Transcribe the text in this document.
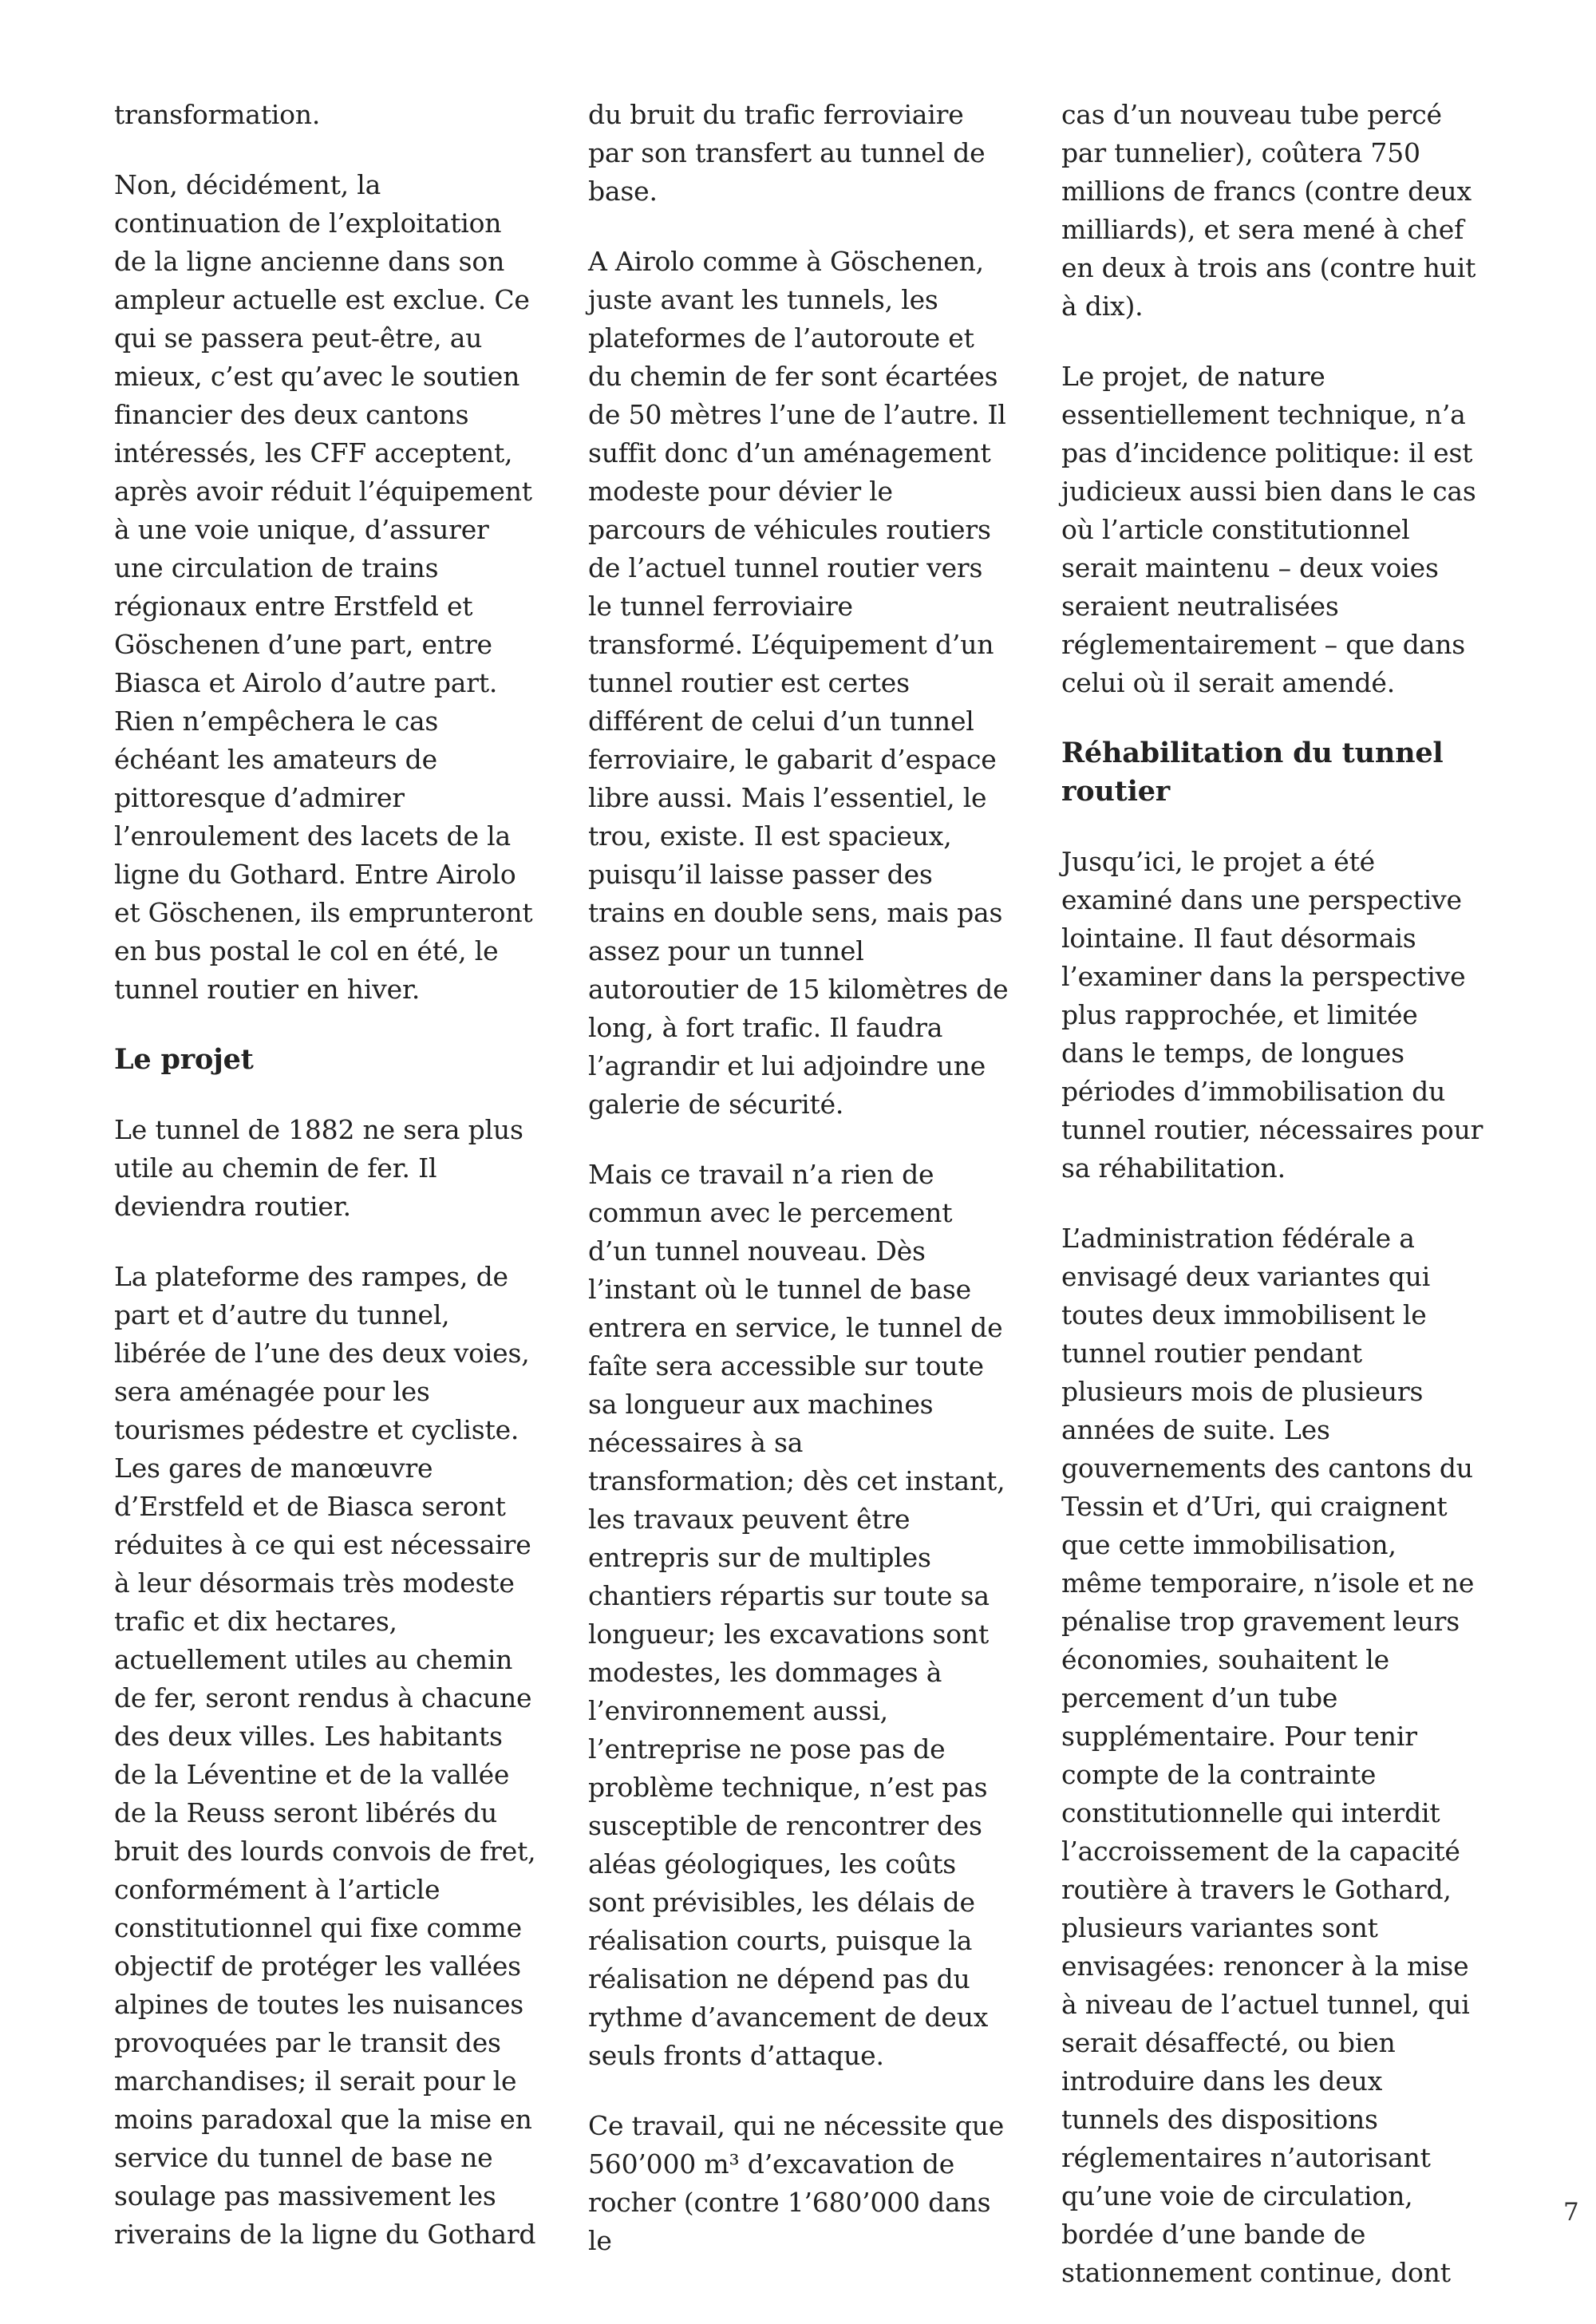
transformation.

Non, décidément, la continuation de l’exploitation de la ligne ancienne dans son ampleur actuelle est exclue. Ce qui se passera peut-être, au mieux, c’est qu’avec le soutien financier des deux cantons intéressés, les CFF acceptent, après avoir réduit l’équipement à une voie unique, d’assurer une circulation de trains régionaux entre Erstfeld et Göschenen d’une part, entre Biasca et Airolo d’autre part. Rien n’empêchera le cas échéant les amateurs de pittoresque d’admirer l’enroulement des lacets de la ligne du Gothard. Entre Airolo et Göschenen, ils emprunteront en bus postal le col en été, le tunnel routier en hiver.

Le projet

Le tunnel de 1882 ne sera plus utile au chemin de fer. Il deviendra routier.

La plateforme des rampes, de part et d’autre du tunnel, libérée de l’une des deux voies, sera aménagée pour les tourismes pédestre et cycliste. Les gares de manœuvre d’Erstfeld et de Biasca seront réduites à ce qui est nécessaire à leur désormais très modeste trafic et dix hectares, actuellement utiles au chemin de fer, seront rendus à chacune des deux villes. Les habitants de la Léventine et de la vallée de la Reuss seront libérés du bruit des lourds convois de fret, conformément à l’article constitutionnel qui fixe comme objectif de protéger les vallées alpines de toutes les nuisances provoquées par le transit des marchandises; il serait pour le moins paradoxal que la mise en service du tunnel de base ne soulage pas massivement les riverains de la ligne du Gothard

du bruit du trafic ferroviaire par son transfert au tunnel de base.

A Airolo comme à Göschenen, juste avant les tunnels, les plateformes de l’autoroute et du chemin de fer sont écartées de 50 mètres l’une de l’autre. Il suffit donc d’un aménagement modeste pour dévier le parcours de véhicules routiers de l’actuel tunnel routier vers le tunnel ferroviaire transformé. L’équipement d’un tunnel routier est certes différent de celui d’un tunnel ferroviaire, le gabarit d’espace libre aussi. Mais l’essentiel, le trou, existe. Il est spacieux, puisqu’il laisse passer des trains en double sens, mais pas assez pour un tunnel autoroutier de 15 kilomètres de long, à fort trafic. Il faudra l’agrandir et lui adjoindre une galerie de sécurité.

Mais ce travail n’a rien de commun avec le percement d’un tunnel nouveau. Dès l’instant où le tunnel de base entrera en service, le tunnel de faîte sera accessible sur toute sa longueur aux machines nécessaires à sa transformation; dès cet instant, les travaux peuvent être entrepris sur de multiples chantiers répartis sur toute sa longueur; les excavations sont modestes, les dommages à l’environnement aussi, l’entreprise ne pose pas de problème technique, n’est pas susceptible de rencontrer des aléas géologiques, les coûts sont prévisibles, les délais de réalisation courts, puisque la réalisation ne dépend pas du rythme d’avancement de deux seuls fronts d’attaque.

Ce travail, qui ne nécessite que 560’000 m³ d’excavation de rocher (contre 1’680’000 dans le

cas d’un nouveau tube percé par tunnelier), coûtera 750 millions de francs (contre deux milliards), et sera mené à chef en deux à trois ans (contre huit à dix).

Le projet, de nature essentiellement technique, n’a pas d’incidence politique: il est judicieux aussi bien dans le cas où l’article constitutionnel serait maintenu – deux voies seraient neutralisées réglementairement – que dans celui où il serait amendé.

Réhabilitation du tunnel routier

Jusqu’ici, le projet a été examiné dans une perspective lointaine. Il faut désormais l’examiner dans la perspective plus rapprochée, et limitée dans le temps, de longues périodes d’immobilisation du tunnel routier, nécessaires pour sa réhabilitation.

L’administration fédérale a envisagé deux variantes qui toutes deux immobilisent le tunnel routier pendant plusieurs mois de plusieurs années de suite. Les gouvernements des cantons du Tessin et d’Uri, qui craignent que cette immobilisation, même temporaire, n’isole et ne pénalise trop gravement leurs économies, souhaitent le percement d’un tube supplémentaire. Pour tenir compte de la contrainte constitutionnelle qui interdit l’accroissement de la capacité routière à travers le Gothard, plusieurs variantes sont envisagées: renoncer à la mise à niveau de l’actuel tunnel, qui serait désaffecté, ou bien introduire dans les deux tunnels des dispositions réglementaires n’autorisant qu’une voie de circulation, bordée d’une bande de stationnement continue, dont

7
